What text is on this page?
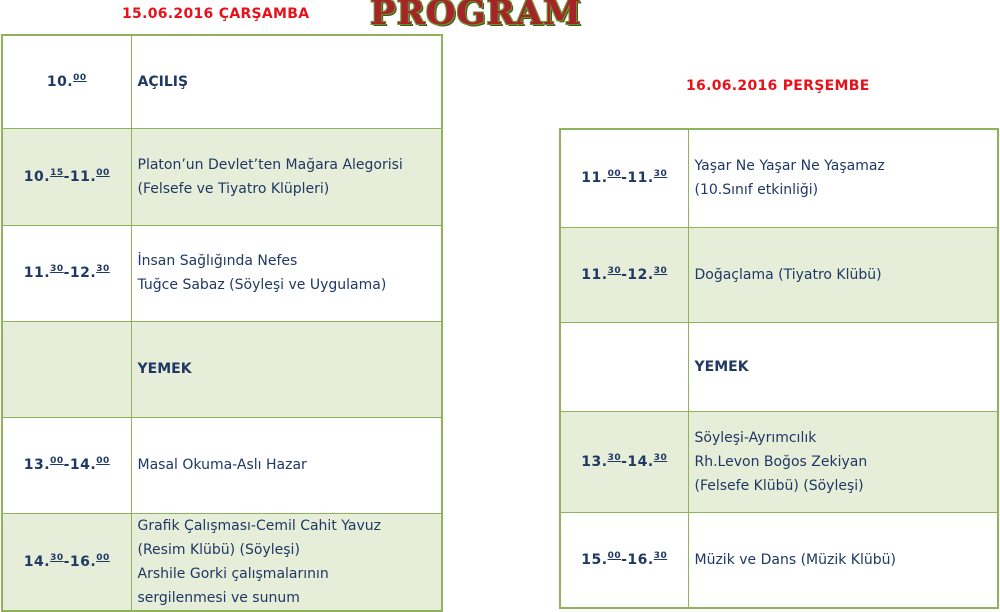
15.06.2016 ÇARŞAMBA PROGRAM
16.06.2016 PERŞEMBE
10.00	AÇILIŞ

10.15-11.00	Platon’un Devlet’ten Mağara Alegorisi
(Felsefe ve Tiyatro Klüpleri)

11.30-12.30	İnsan Sağlığında Nefes
Tuğce Sabaz (Söyleşi ve Uygulama)

	YEMEK

13.00-14.00	Masal Okuma-Aslı Hazar

14.30-16.00	Grafik Çalışması-Cemil Cahit Yavuz
(Resim Klübü) (Söyleşi)
Arshile Gorki çalışmalarının
sergilenmesi ve sunum
11.00-11.30	Yaşar Ne Yaşar Ne Yaşamaz
(10.Sınıf etkinliği)

11.30-12.30	Doğaçlama (Tiyatro Klübü)

	YEMEK

13.30-14.30	Söyleşi-Ayrımcılık
Rh.Levon Boğos Zekiyan
(Felsefe Klübü) (Söyleşi)

15.00-16.30	Müzik ve Dans (Müzik Klübü)
